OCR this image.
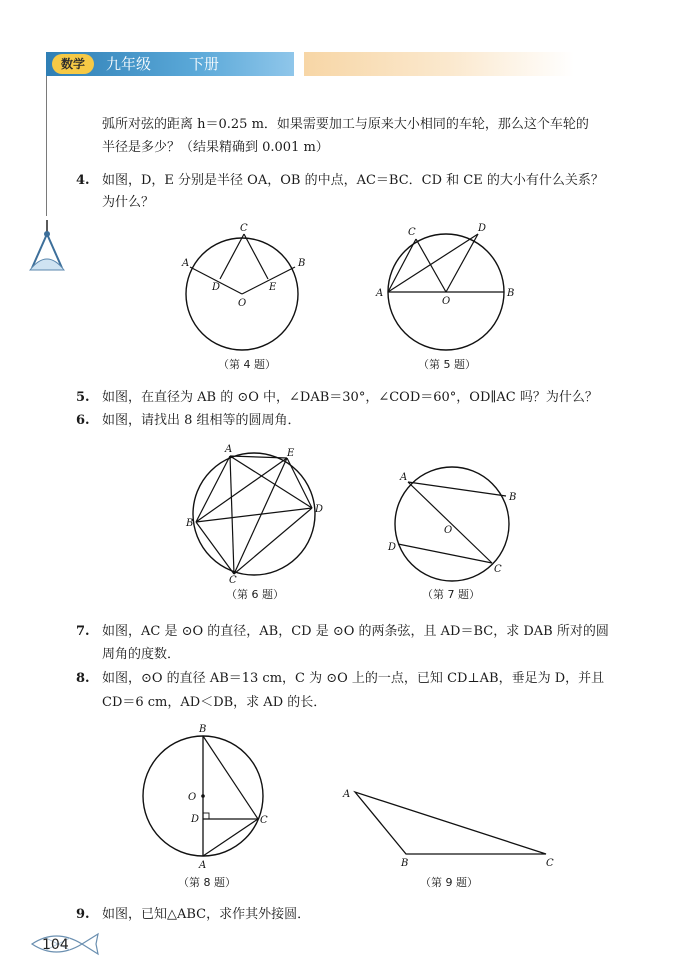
数学	九年级	下册
弧所对弦的距离 h＝0.25 m．如果需要加工与原来大小相同的车轮，那么这个车轮的
半径是多少？（结果精确到 0.001 m）
4. 如图，D，E 分别是半径 OA，OB 的中点，AC＝BC．CD 和 CE 的大小有什么关系？
为什么？
A	B
C
D	E
O
（第 4 题）
A	B
C	D
O
（第 5 题）
5. 如图，在直径为 AB 的 ⊙O 中，∠DAB＝30°，∠COD＝60°，OD∥AC 吗？为什么？
6. 如图，请找出 8 组相等的圆周角．
A
B
C
D
E
（第 6 题）
A
B
C
D
O
（第 7 题）
7. 如图，AC 是 ⊙O 的直径，AB，CD 是 ⊙O 的两条弦，且 AD＝BC，求 DAB 所对的圆
周角的度数．
8. 如图，⊙O 的直径 AB＝13 cm，C 为 ⊙O 上的一点，已知 CD⊥AB，垂足为 D，并且
CD＝6 cm，AD＜DB，求 AD 的长．
B
A
O
D	C
（第 8 题）
A
B	C
（第 9 题）
9. 如图，已知△ABC，求作其外接圆．
104
